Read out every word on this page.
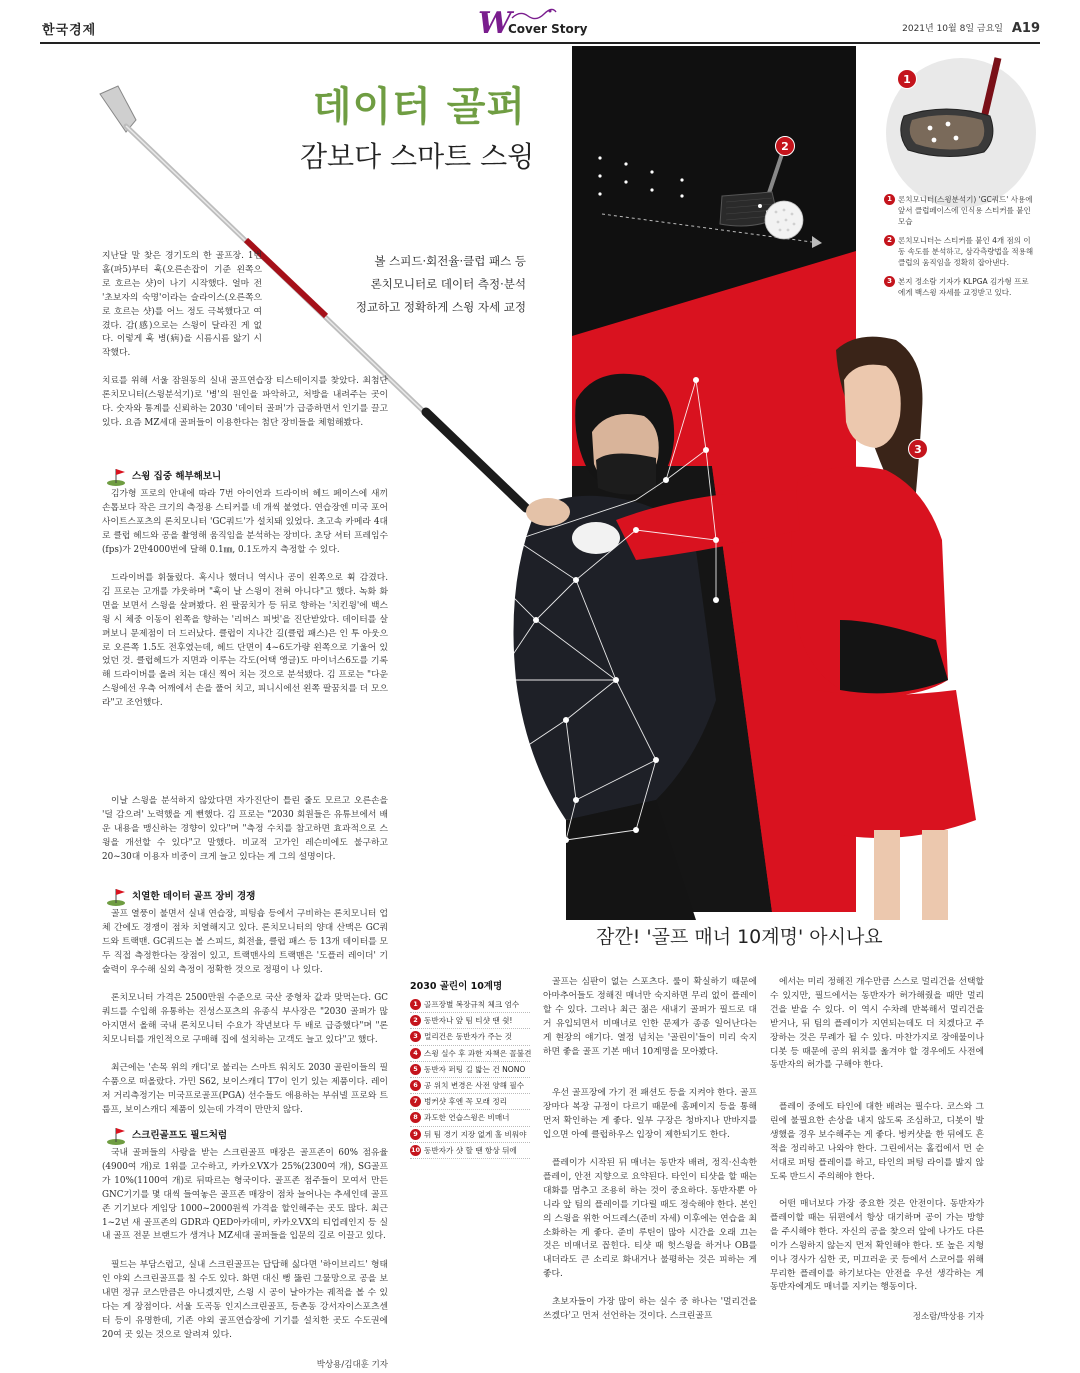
한국경제	W
Cover Story	2021년 10월 8일 금요일 A19
데이터 골퍼
감보다 스마트 스윙
볼 스피드·회전율·클럽 패스 등
론치모니터로 데이터 측정·분석
정교하고 정확하게 스윙 자세 교정
1
2
3
1 론치모니터(스윙분석기) 'GC쿼드' 사용에 앞서 클럽페이스에 인식용 스티커를 붙인 모습
2 론치모니터는 스티커를 붙인 4개 점의 이동 속도를 분석하고, 삼각측량법을 적용해 클럽의 움직임을 정확히 잡아낸다.
3 본지 정소람 기자가 KLPGA 김가형 프로에게 백스윙 자세를 교정받고 있다.

지난달 말 찾은 경기도의 한 골프장. 1번홀(파5)부터 훅(오른손잡이 기준 왼쪽으로 흐르는 샷)이 나기 시작했다. 얼마 전 '초보자의 숙명'이라는 슬라이스(오른쪽으로 흐르는 샷)를 어느 정도 극복했다고 여겼다. 감(感)으로는 스윙이 달라진 게 없다. 이렇게 훅 병(病)을 시름시름 앓기 시작했다.

치료를 위해 서울 잠원동의 실내 골프연습장 티스테이지를 찾았다. 최첨단 론치모니터(스윙분석기)로 '병'의 원인을 파악하고, 처방을 내려주는 곳이다. 숫자와 통계를 신뢰하는 2030 '데이터 골퍼'가 급증하면서 인기를 끌고 있다. 요즘 MZ세대 골퍼들이 이용한다는 첨단 장비들을 체험해봤다.

스윙 집중 해부해보니

김가형 프로의 안내에 따라 7번 아이언과 드라이버 헤드 페이스에 새끼손톱보다 작은 크기의 측정용 스티커를 네 개씩 붙였다. 연습장엔 미국 포어사이트스포츠의 론치모니터 'GC쿼드'가 설치돼 있었다. 초고속 카메라 4대로 클럽 헤드와 공을 촬영해 움직임을 분석하는 장비다. 초당 셔터 프레임수(fps)가 2만4000번에 달해 0.1㎜, 0.1도까지 측정할 수 있다.

드라이버를 휘둘렀다. 혹시나 했더니 역시나 공이 왼쪽으로 휙 감겼다. 김 프로는 고개를 갸웃하며 "훅이 날 스윙이 전혀 아니다"고 했다. 녹화 화면을 보면서 스윙을 살펴봤다. 왼 팔꿈치가 등 뒤로 향하는 '치킨윙'에 백스윙 시 체중 이동이 왼쪽을 향하는 '리버스 피벗'을 진단받았다. 데이터를 살펴보니 문제점이 더 드러났다. 클럽이 지나간 길(클럽 패스)은 인 투 아웃으로 오른쪽 1.5도 전후였는데, 헤드 단면이 4~6도가량 왼쪽으로 기울어 있었던 것. 클럽헤드가 지면과 이루는 각도(어택 앵글)도 마이너스6도를 기록해 드라이버를 올려 치는 대신 찍어 치는 것으로 분석됐다. 김 프로는 "다운스윙에선 우측 어깨에서 손을 풀어 치고, 피니시에선 왼쪽 팔꿈치를 더 모으라"고 조언했다.

이날 스윙을 분석하지 않았다면 자가진단이 틀린 줄도 모르고 오른손을 '덜 감으려' 노력했을 게 뻔했다. 김 프로는 "2030 회원들은 유튜브에서 배운 내용을 맹신하는 경향이 있다"며 "측정 수치를 참고하면 효과적으로 스윙을 개선할 수 있다"고 말했다. 비교적 고가인 레슨비에도 불구하고 20~30대 이용자 비중이 크게 늘고 있다는 게 그의 설명이다.

치열한 데이터 골프 장비 경쟁

골프 열풍이 불면서 실내 연습장, 피팅숍 등에서 구비하는 론치모니터 업체 간에도 경쟁이 점차 치열해지고 있다. 론치모니터의 양대 산맥은 GC쿼드와 트랙맨. GC쿼드는 볼 스피드, 회전율, 클럽 패스 등 13개 데이터를 모두 직접 측정한다는 장점이 있고, 트랙맨사의 트랙맨은 '도플러 레이더' 기술력이 우수해 실외 측정이 정확한 것으로 정평이 나 있다.

론치모니터 가격은 2500만원 수준으로 국산 중형차 값과 맞먹는다. GC쿼드를 수입해 유통하는 진성스포츠의 유종식 부사장은 "2030 골퍼가 많아지면서 올해 국내 론치모니터 수요가 작년보다 두 배로 급증했다"며 "론치모니터를 개인적으로 구매해 집에 설치하는 고객도 늘고 있다"고 했다.

최근에는 '손목 위의 캐디'로 불리는 스마트 워치도 2030 골린이들의 필수품으로 떠올랐다. 가민 S62, 보이스캐디 T7이 인기 있는 제품이다. 레이저 거리측정기는 미국프로골프(PGA) 선수들도 애용하는 부쉬넬 프로와 트룹프, 보이스캐디 제품이 있는데 가격이 만만치 않다.

스크린골프도 필드처럼

국내 골퍼들의 사랑을 받는 스크린골프 매장은 골프존이 60% 점유율(4900여 개)로 1위를 고수하고, 카카오VX가 25%(2300여 개), SG골프가 10%(1100여 개)로 뒤따르는 형국이다. 골프존 점주들이 모여서 만든 GNC기기를 몇 대씩 들여놓은 골프존 매장이 점차 늘어나는 추세인데 골프존 기기보다 게임당 1000~2000원씩 가격을 할인해주는 곳도 많다. 최근 1~2년 새 골프존의 GDR과 QED아카데미, 카카오VX의 티업레인지 등 실내 골프 전문 브랜드가 생겨나 MZ세대 골퍼들을 입문의 길로 이끌고 있다.

필드는 부담스럽고, 실내 스크린골프는 답답해 싫다면 '하이브리드' 형태인 야외 스크린골프를 칠 수도 있다. 화면 대신 뻥 뚫린 그물망으로 공을 보내면 정규 코스만큼은 아니겠지만, 스윙 시 공이 날아가는 궤적을 볼 수 있다는 게 장점이다. 서울 도곡동 인지스크린골프, 등촌동 강서자이스포츠센터 등이 유명한데, 기존 야외 골프연습장에 기기를 설치한 곳도 수도권에 20여 곳 있는 것으로 알려져 있다.

박상용/김대훈 기자
잠깐! '골프 매너 10계명' 아시나요
2030 골린이 10계명
1 골프장별 복장규칙 체크 엄수
2 동반자나 앞 팀 티샷 땐 쉿!
3 멀리건은 동반자가 주는 것
4 스윙 실수 후 과한 자책은 꼴불견
5 동반자 퍼팅 길 밟는 건 NONO
6 공 위치 변경은 사전 양해 필수
7 벙커샷 후엔 꼭 모래 정리
8 과도한 연습스윙은 비매너
9 뒤 팀 경기 지장 없게 홀 비워야
10 동반자가 샷 할 땐 항상 뒤에

골프는 심판이 없는 스포츠다. 룰이 확실하기 때문에 아마추어들도 정해진 매너만 숙지하면 무리 없이 플레이할 수 있다. 그러나 최근 젊은 새내기 골퍼가 필드로 대거 유입되면서 비매너로 인한 문제가 종종 일어난다는 게 현장의 얘기다. 열정 넘치는 '골린이'들이 미리 숙지하면 좋을 골프 기본 매너 10계명을 모아봤다.

우선 골프장에 가기 전 패션도 등을 지켜야 한다. 골프장마다 복장 규정이 다르기 때문에 홈페이지 등을 통해 먼저 확인하는 게 좋다. 일부 구장은 청바지나 반바지를 입으면 아예 클럽하우스 입장이 제한되기도 한다.

플레이가 시작된 뒤 매너는 동반자 배려, 정직·신속한 플레이, 안전 지향으로 요약된다. 타인이 티샷을 할 때는 대화를 멈추고 조용히 하는 것이 중요하다. 동반자뿐 아니라 앞 팀의 플레이를 기다릴 때도 정숙해야 한다. 본인의 스윙을 위한 어드레스(준비 자세) 이후에는 연습을 최소화하는 게 좋다. 준비 루틴이 많아 시간을 오래 끄는 것은 비매너로 꼽힌다. 티샷 때 헛스윙을 하거나 OB를 내더라도 큰 소리로 화내거나 불평하는 것은 피하는 게 좋다.

초보자들이 가장 많이 하는 실수 중 하나는 '멀리건을 쓰겠다'고 먼저 선언하는 것이다. 스크린골프

에서는 미리 정해진 개수만큼 스스로 멀리건을 선택할 수 있지만, 필드에서는 동반자가 허가해줬을 때만 멀리건을 받을 수 있다. 이 역시 수차례 반복해서 멀리건을 받거나, 뒤 팀의 플레이가 지연되는데도 더 치겠다고 주장하는 것은 무례가 될 수 있다. 마찬가지로 장애물이나 디봇 등 때문에 공의 위치를 옮겨야 할 경우에도 사전에 동반자의 허가를 구해야 한다.

플레이 중에도 타인에 대한 배려는 필수다. 코스와 그린에 불필요한 손상을 내지 않도록 조심하고, 디봇이 발생했을 경우 보수해주는 게 좋다. 벙커샷을 한 뒤에도 흔적을 정리하고 나와야 한다. 그린에서는 홀컵에서 먼 순서대로 퍼팅 플레이를 하고, 타인의 퍼팅 라이를 밟지 않도록 반드시 주의해야 한다.

어떤 매너보다 가장 중요한 것은 안전이다. 동반자가 플레이할 때는 뒤편에서 항상 대기하며 공이 가는 방향을 주시해야 한다. 자신의 공을 찾으러 앞에 나가도 다른 이가 스윙하지 않는지 먼저 확인해야 한다. 또 높은 지형이나 경사가 심한 곳, 미끄러운 곳 등에서 스코어를 위해 무리한 플레이를 하기보다는 안전을 우선 생각하는 게 동반자에게도 매너를 지키는 행동이다.

정소람/박상용 기자
